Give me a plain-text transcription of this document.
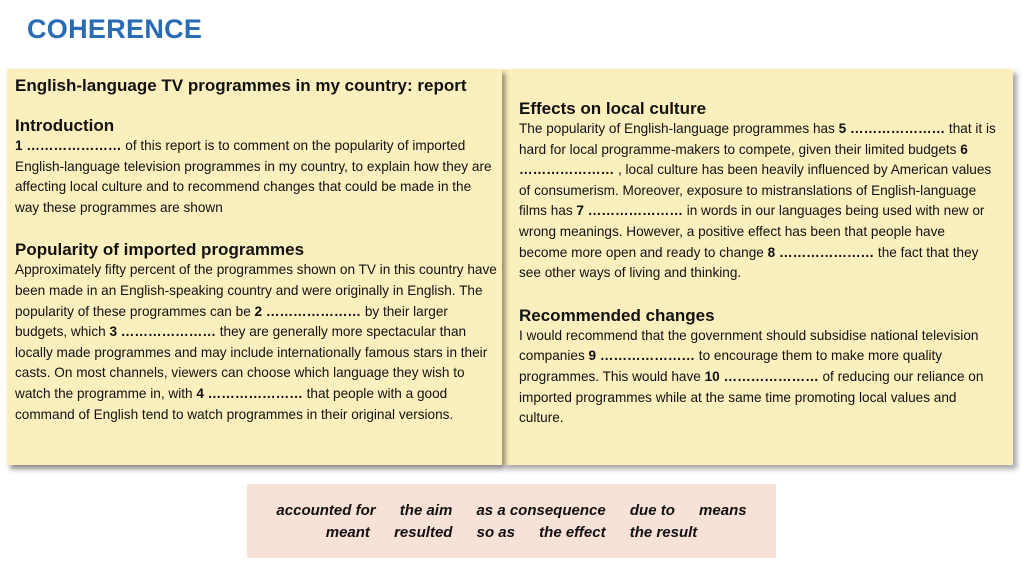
COHERENCE

Effects on local culture

The popularity of English-language programmes has 5 ………………… that it is hard for local programme-makers to compete, given their limited budgets 6 ………………… , local culture has been heavily influenced by American values of consumerism. Moreover, exposure to mistranslations of English-language films has 7 ………………… in words in our languages being used with new or wrong meanings. However, a positive effect has been that people have become more open and ready to change 8 ………………… the fact that they see other ways of living and thinking.

Recommended changes

I would recommend that the government should subsidise national television companies 9 ………………… to encourage them to make more quality programmes. This would have 10 ………………… of reducing our reliance on imported programmes while at the same time promoting local values and culture.

English-language TV programmes in my country: report

Introduction

1 ………………… of this report is to comment on the popularity of imported English-language television programmes in my country, to explain how they are affecting local culture and to recommend changes that could be made in the way these programmes are shown

Popularity of imported programmes

Approximately fifty percent of the programmes shown on TV in this country have been made in an English-speaking country and were originally in English. The popularity of these programmes can be 2 ………………… by their larger budgets, which 3 ………………… they are generally more spectacular than locally made programmes and may include internationally famous stars in their casts. On most channels, viewers can choose which language they wish to watch the programme in, with 4 ………………… that people with a good command of English tend to watch programmes in their original versions.

accounted for the aim as a consequence due to means
meant resulted so as the effect the result
